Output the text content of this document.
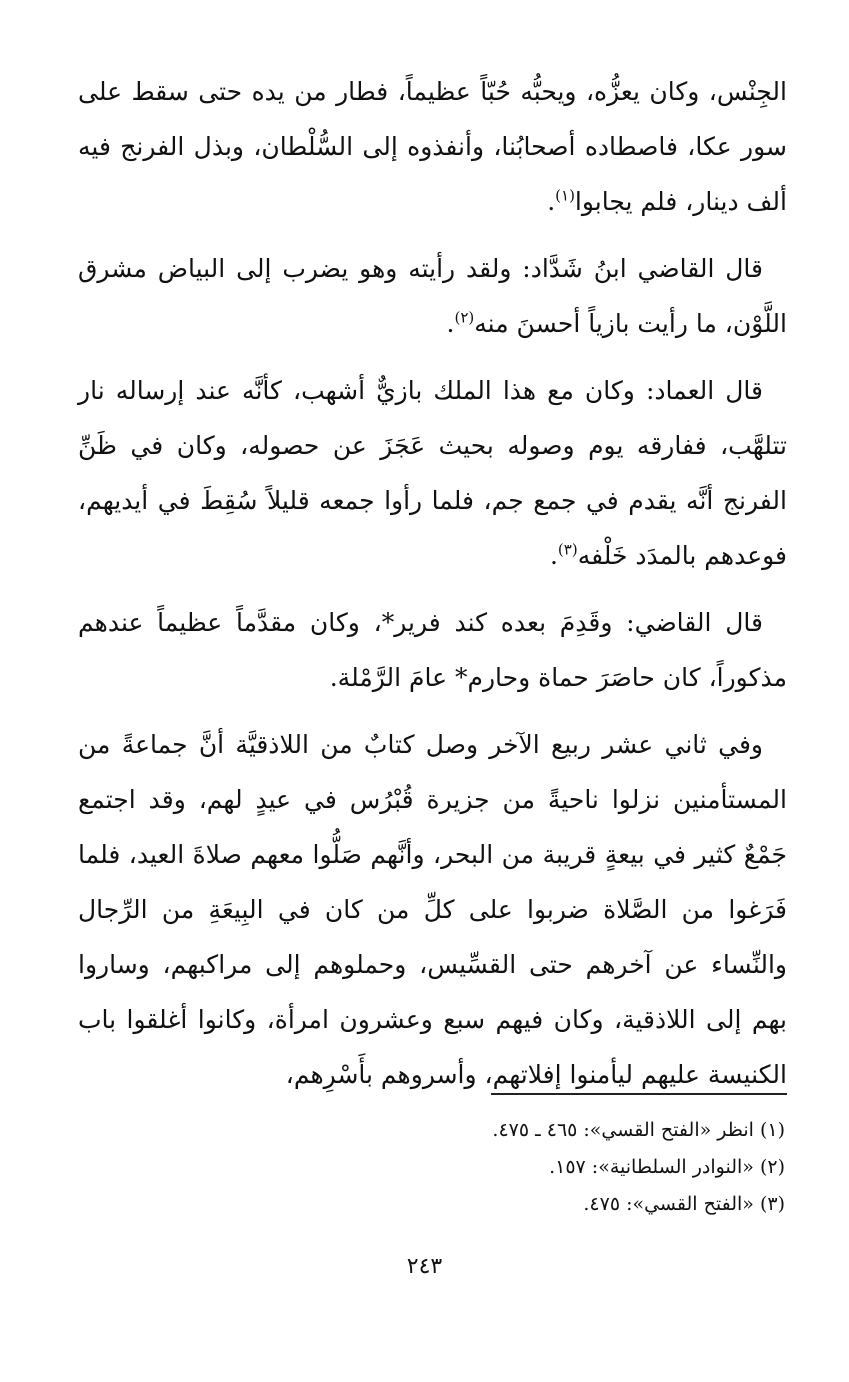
الجِنْس، وكان يعزُّه، ويحبُّه حُبّاً عظيماً، فطار من يده حتى سقط على سور عكا، فاصطاده أصحابُنا، وأنفذوه إلى السُّلْطان، وبذل الفرنج فيه ألف دينار، فلم يجابوا$^{(١)}$.

قال القاضي ابنُ شَدَّاد: ولقد رأيته وهو يضرب إلى البياض مشرق اللَّوْن، ما رأيت بازياً أحسنَ منه$^{(٢)}$.

قال العماد: وكان مع هذا الملك بازيٌّ أشهب، كأنَّه عند إرساله نار تتلهَّب، ففارقه يوم وصوله بحيث عَجَزَ عن حصوله، وكان في ظَنِّ الفرنج أنَّه يقدم في جمع جم، فلما رأوا جمعه قليلاً سُقِطَ في أيديهم، فوعدهم بالمدَد خَلْفه$^{(٣)}$.

قال القاضي: وقَدِمَ بعده كند فرير*، وكان مقدَّماً عظيماً عندهم مذكوراً، كان حاصَرَ حماة وحارم* عامَ الرَّمْلة.

وفي ثاني عشر ربيع الآخر وصل كتابٌ من اللاذقيَّة أنَّ جماعةً من المستأمنين نزلوا ناحيةً من جزيرة قُبْرُس في عيدٍ لهم، وقد اجتمع جَمْعٌ كثير في بيعةٍ قريبة من البحر، وأنَّهم صَلُّوا معهم صلاةَ العيد، فلما فَرَغوا من الصَّلاة ضربوا على كلِّ من كان في البِيعَةِ من الرِّجال والنِّساء عن آخرهم حتى القسِّيس، وحملوهم إلى مراكبهم، وساروا بهم إلى اللاذقية، وكان فيهم سبع وعشرون امرأة، وكانوا أغلقوا باب الكنيسة عليهم ليأمنوا إفلاتهم، وأسروهم بأَسْرِهم،

(١) انظر «الفتح القسي»: ٤٦٥ ـ ٤٧٥.
(٢) «النوادر السلطانية»: ١٥٧.
(٣) «الفتح القسي»: ٤٧٥.
٢٤٣
